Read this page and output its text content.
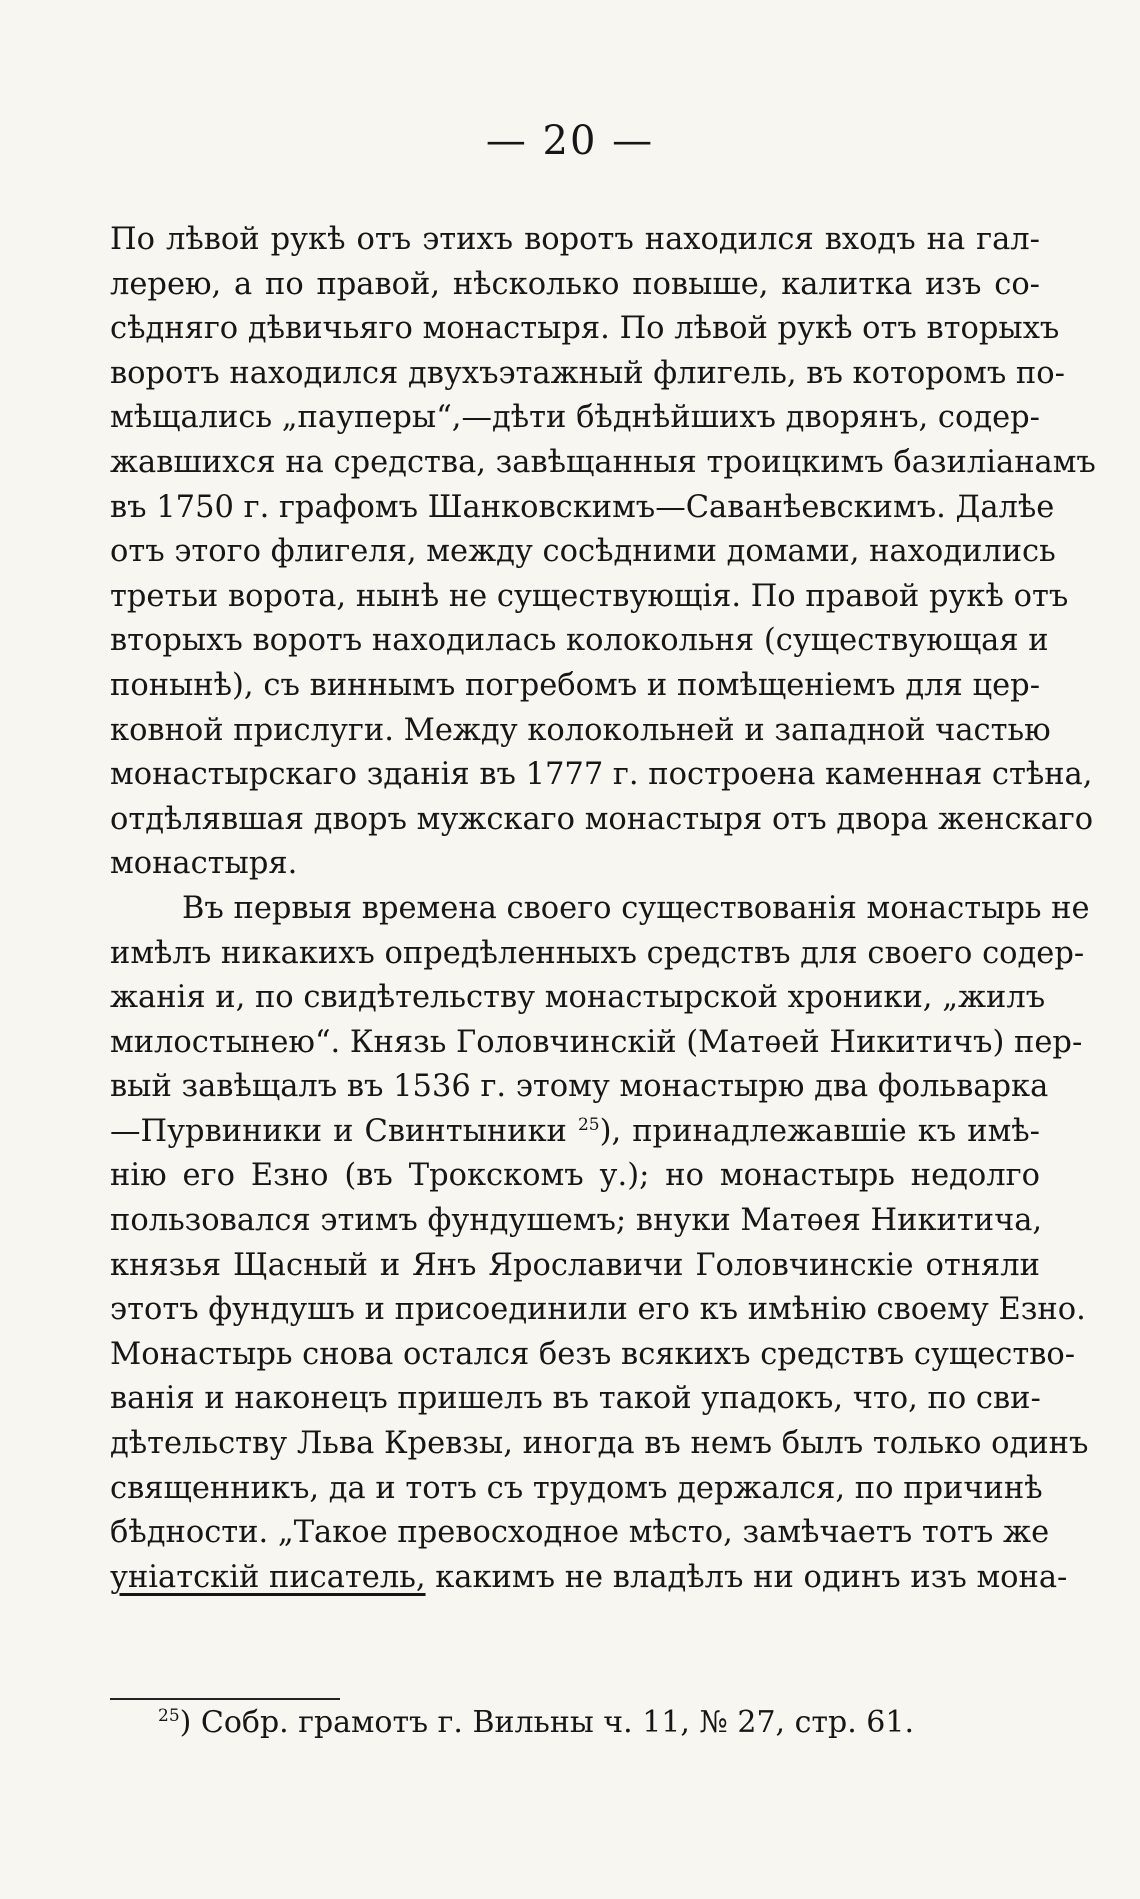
— 20 —
По лѣвой рукѣ отъ этихъ воротъ находился входъ на гал-
лерею, а по правой, нѣсколько повыше, калитка изъ со-
сѣдняго дѣвичьяго монастыря. По лѣвой рукѣ отъ вторыхъ
воротъ находился двухъэтажный флигель, въ которомъ по-
мѣщались „пауперы“,—дѣти бѣднѣйшихъ дворянъ, содер-
жавшихся на средства, завѣщанныя троицкимъ базиліанамъ
въ 1750 г. графомъ Шанковскимъ—Саванѣевскимъ. Далѣе
отъ этого флигеля, между сосѣдними домами, находились
третьи ворота, нынѣ не существующія. По правой рукѣ отъ
вторыхъ воротъ находилась колокольня (существующая и
понынѣ), съ виннымъ погребомъ и помѣщеніемъ для цер-
ковной прислуги. Между колокольней и западной частью
монастырскаго зданія въ 1777 г. построена каменная стѣна,
отдѣлявшая дворъ мужскаго монастыря отъ двора женскаго
монастыря.
Въ первыя времена своего существованія монастырь не
имѣлъ никакихъ опредѣленныхъ средствъ для своего содер-
жанія и, по свидѣтельству монастырской хроники, „жилъ
милостынею“. Князь Головчинскій (Матѳей Никитичъ) пер-
вый завѣщалъ въ 1536 г. этому монастырю два фольварка
—Пурвиники и Свинтыники $^{25}$), принадлежавшіе къ имѣ-
нію его Езно (въ Трокскомъ у.); но монастырь недолго
пользовался этимъ фундушемъ; внуки Матѳея Никитича,
князья Щасный и Янъ Ярославичи Головчинскіе отняли
этотъ фундушъ и присоединили его къ имѣнію своему Езно.
Монастырь снова остался безъ всякихъ средствъ существо-
ванія и наконецъ пришелъ въ такой упадокъ, что, по сви-
дѣтельству Льва Кревзы, иногда въ немъ былъ только одинъ
священникъ, да и тотъ съ трудомъ держался, по причинѣ
бѣдности. „Такое превосходное мѣсто, замѣчаетъ тотъ же
уніатскій писатель, какимъ не владѣлъ ни одинъ изъ мона-
$^{25}$) Собр. грамотъ г. Вильны ч. 11, № 27, стр. 61.
